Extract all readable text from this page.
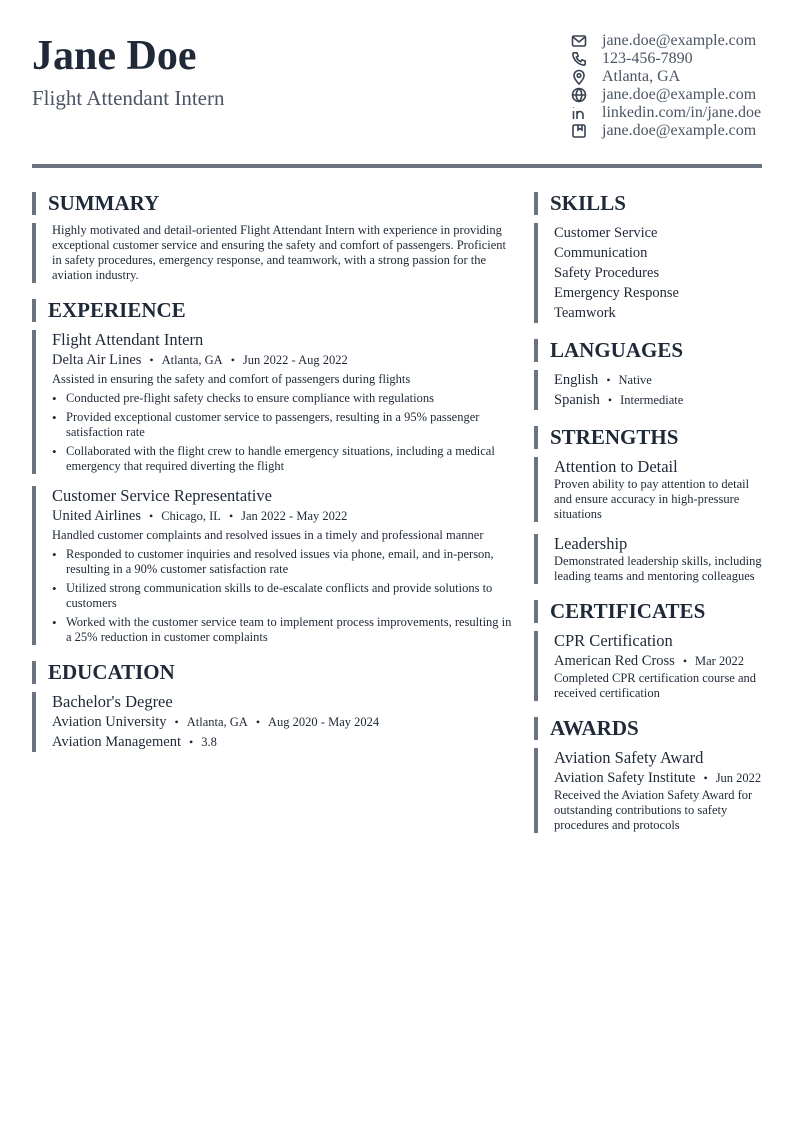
Jane Doe
Flight Attendant Intern
jane.doe@example.com
123-456-7890
Atlanta, GA
jane.doe@example.com
linkedin.com/in/jane.doe
jane.doe@example.com
SUMMARY
Highly motivated and detail-oriented Flight Attendant Intern with experience in providing exceptional customer service and ensuring the safety and comfort of passengers. Proficient in safety procedures, emergency response, and teamwork, with a strong passion for the aviation industry.
EXPERIENCE
Flight Attendant Intern
Delta Air Lines • Atlanta, GA • Jun 2022 - Aug 2022
Assisted in ensuring the safety and comfort of passengers during flights
• Conducted pre-flight safety checks to ensure compliance with regulations
• Provided exceptional customer service to passengers, resulting in a 95% passenger satisfaction rate
• Collaborated with the flight crew to handle emergency situations, including a medical emergency that required diverting the flight
Customer Service Representative
United Airlines • Chicago, IL • Jan 2022 - May 2022
Handled customer complaints and resolved issues in a timely and professional manner
• Responded to customer inquiries and resolved issues via phone, email, and in-person, resulting in a 90% customer satisfaction rate
• Utilized strong communication skills to de-escalate conflicts and provide solutions to customers
• Worked with the customer service team to implement process improvements, resulting in a 25% reduction in customer complaints
EDUCATION
Bachelor's Degree
Aviation University • Atlanta, GA • Aug 2020 - May 2024
Aviation Management • 3.8
SKILLS
Customer Service
Communication
Safety Procedures
Emergency Response
Teamwork
LANGUAGES
English • Native
Spanish • Intermediate
STRENGTHS
Attention to Detail
Proven ability to pay attention to detail and ensure accuracy in high-pressure situations
Leadership
Demonstrated leadership skills, including leading teams and mentoring colleagues
CERTIFICATES
CPR Certification
American Red Cross • Mar 2022
Completed CPR certification course and received certification
AWARDS
Aviation Safety Award
Aviation Safety Institute • Jun 2022
Received the Aviation Safety Award for outstanding contributions to safety procedures and protocols
